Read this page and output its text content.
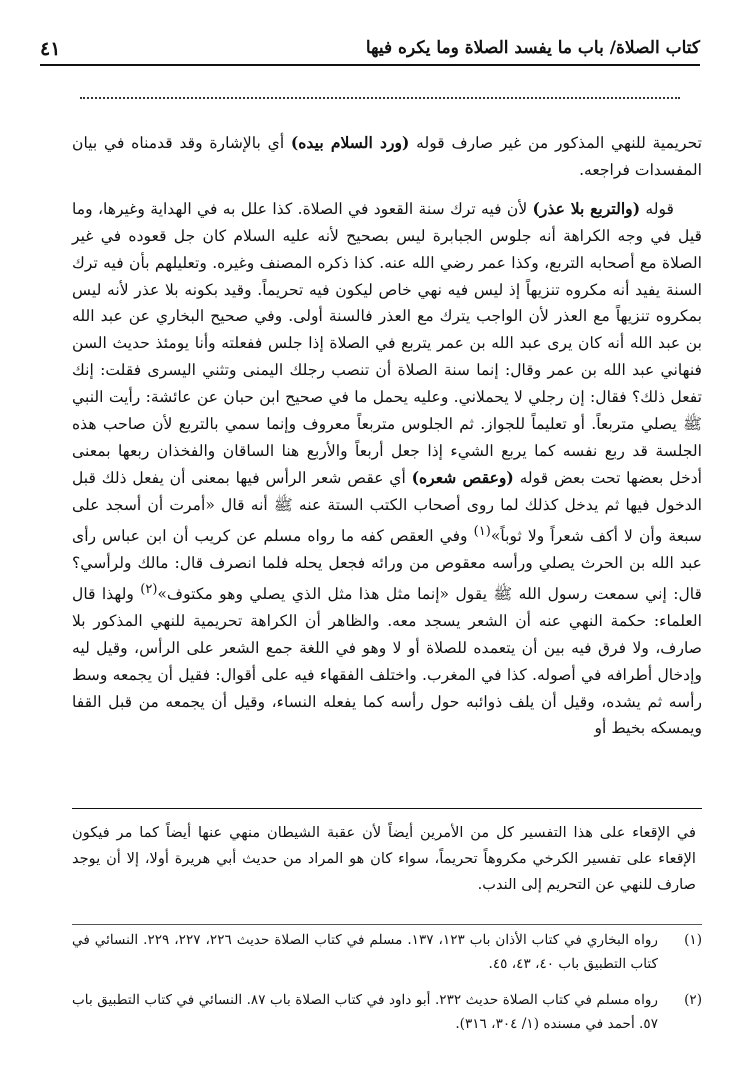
كتاب الصلاة/ باب ما يفسد الصلاة وما يكره فيها
٤١

تحريمية للنهي المذكور من غير صارف قوله (ورد السلام بيده) أي بالإشارة وقد قدمناه في بيان المفسدات فراجعه.

قوله (والتربع بلا عذر) لأن فيه ترك سنة القعود في الصلاة. كذا علل به في الهداية وغيرها، وما قيل في وجه الكراهة أنه جلوس الجبابرة ليس بصحيح لأنه عليه السلام كان جل قعوده في غير الصلاة مع أصحابه التربع، وكذا عمر رضي الله عنه. كذا ذكره المصنف وغيره. وتعليلهم بأن فيه ترك السنة يفيد أنه مكروه تنزيهاً إذ ليس فيه نهي خاص ليكون فيه تحريماً. وقيد بكونه بلا عذر لأنه ليس بمكروه تنزيهاً مع العذر لأن الواجب يترك مع العذر فالسنة أولى. وفي صحيح البخاري عن عبد الله بن عبد الله أنه كان يرى عبد الله بن عمر يتربع في الصلاة إذا جلس ففعلته وأنا يومئذ حديث السن فنهاني عبد الله بن عمر وقال: إنما سنة الصلاة أن تنصب رجلك اليمنى وتثني اليسرى فقلت: إنك تفعل ذلك؟ فقال: إن رجلي لا يحملاني. وعليه يحمل ما في صحيح ابن حبان عن عائشة: رأيت النبي ﷺ يصلي متربعاً. أو تعليماً للجواز. ثم الجلوس متربعاً معروف وإنما سمي بالتربع لأن صاحب هذه الجلسة قد ربع نفسه كما يربع الشيء إذا جعل أربعاً والأربع هنا الساقان والفخذان ربعها بمعنى أدخل بعضها تحت بعض قوله (وعقص شعره) أي عقص شعر الرأس فيها بمعنى أن يفعل ذلك قبل الدخول فيها ثم يدخل كذلك لما روى أصحاب الكتب الستة عنه ﷺ أنه قال «أمرت أن أسجد على سبعة وأن لا أكف شعراً ولا ثوباً»$^{(١)}$ وفي العقص كفه ما رواه مسلم عن كريب أن ابن عباس رأى عبد الله بن الحرث يصلي ورأسه معقوص من ورائه فجعل يحله فلما انصرف قال: مالك ولرأسي؟ قال: إني سمعت رسول الله ﷺ يقول «إنما مثل هذا مثل الذي يصلي وهو مكتوف»$^{(٢)}$ ولهذا قال العلماء: حكمة النهي عنه أن الشعر يسجد معه. والظاهر أن الكراهة تحريمية للنهي المذكور بلا صارف، ولا فرق فيه بين أن يتعمده للصلاة أو لا وهو في اللغة جمع الشعر على الرأس، وقيل ليه وإدخال أطرافه في أصوله. كذا في المغرب. واختلف الفقهاء فيه على أقوال: فقيل أن يجمعه وسط رأسه ثم يشده، وقيل أن يلف ذوائبه حول رأسه كما يفعله النساء، وقيل أن يجمعه من قبل القفا ويمسكه بخيط أو

في الإقعاء على هذا التفسير كل من الأمرين أيضاً لأن عقبة الشيطان منهي عنها أيضاً كما مر فيكون الإقعاء على تفسير الكرخي مكروهاً تحريماً، سواء كان هو المراد من حديث أبي هريرة أولا، إلا أن يوجد صارف للنهي عن التحريم إلى الندب.

(١)
رواه البخاري في كتاب الأذان باب ١٢٣، ١٣٧. مسلم في كتاب الصلاة حديث ٢٢٦، ٢٢٧، ٢٢٩. النسائي في كتاب التطبيق باب ٤٠، ٤٣، ٤٥.
(٢)
رواه مسلم في كتاب الصلاة حديث ٢٣٢. أبو داود في كتاب الصلاة باب ٨٧. النسائي في كتاب التطبيق باب ٥٧. أحمد في مسنده (١/ ٣٠٤، ٣١٦).
